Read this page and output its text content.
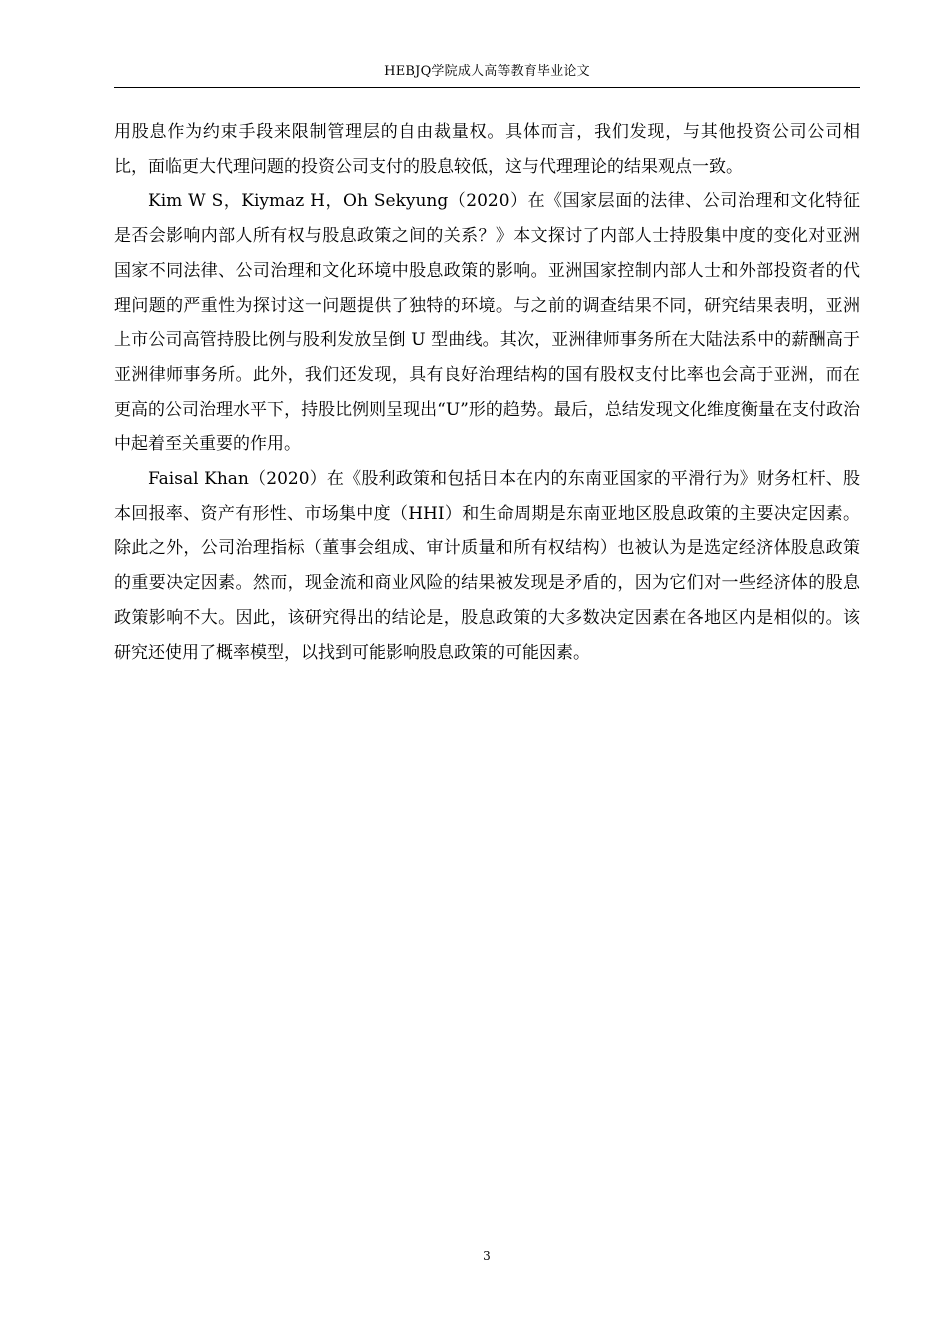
HEBJQ学院成人高等教育毕业论文

用股息作为约束手段来限制管理层的自由裁量权。具体而言，我们发现，与其他投资公司公司相比，面临更大代理问题的投资公司支付的股息较低，这与代理理论的结果观点一致。

Kim W S，Kiymaz H，Oh Sekyung（2020）在《国家层面的法律、公司治理和文化特征是否会影响内部人所有权与股息政策之间的关系？》本文探讨了内部人士持股集中度的变化对亚洲国家不同法律、公司治理和文化环境中股息政策的影响。亚洲国家控制内部人士和外部投资者的代理问题的严重性为探讨这一问题提供了独特的环境。与之前的调查结果不同，研究结果表明，亚洲上市公司高管持股比例与股利发放呈倒 U 型曲线。其次，亚洲律师事务所在大陆法系中的薪酬高于亚洲律师事务所。此外，我们还发现，具有良好治理结构的国有股权支付比率也会高于亚洲，而在更高的公司治理水平下，持股比例则呈现出“U”形的趋势。最后，总结发现文化维度衡量在支付政治中起着至关重要的作用。

Faisal Khan（2020）在《股利政策和包括日本在内的东南亚国家的平滑行为》财务杠杆、股本回报率、资产有形性、市场集中度（HHI）和生命周期是东南亚地区股息政策的主要决定因素。除此之外，公司治理指标（董事会组成、审计质量和所有权结构）也被认为是选定经济体股息政策的重要决定因素。然而，现金流和商业风险的结果被发现是矛盾的，因为它们对一些经济体的股息政策影响不大。因此，该研究得出的结论是，股息政策的大多数决定因素在各地区内是相似的。该研究还使用了概率模型，以找到可能影响股息政策的可能因素。

3
